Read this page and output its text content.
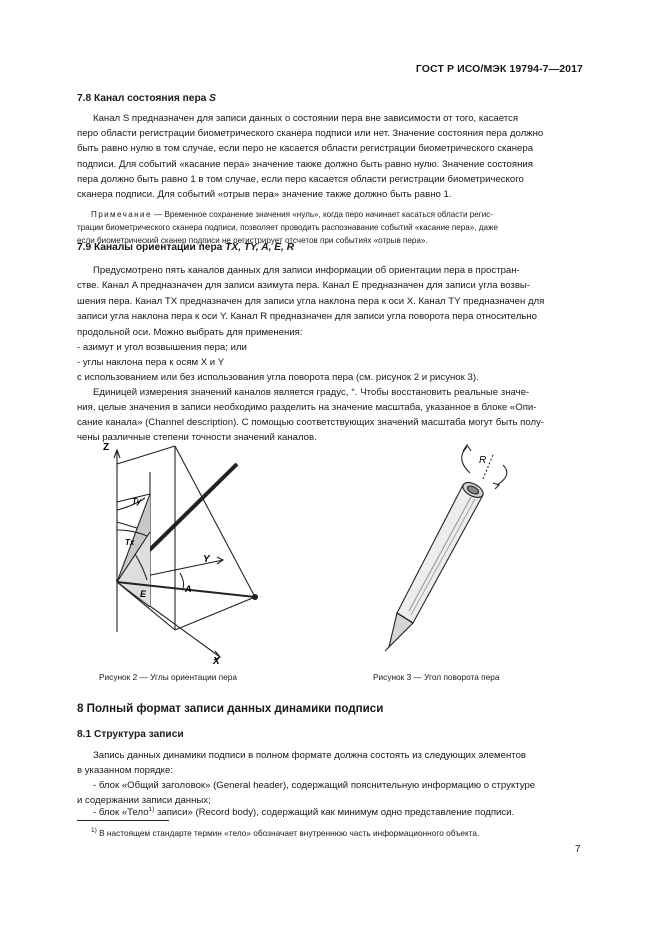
ГОСТ Р ИСО/МЭК 19794-7—2017
7.8 Канал состояния пера S
Канал S предназначен для записи данных о состоянии пера вне зависимости от того, касается
перо области регистрации биометрического сканера подписи или нет. Значение состояния пера должно
быть равно нулю в том случае, если перо не касается области регистрации биометрического сканера
подписи. Для событий «касание пера» значение также должно быть равно нулю. Значение состояния
пера должно быть равно 1 в том случае, если перо касается области регистрации биометрического
сканера подписи. Для событий «отрыв пера» значение также должно быть равно 1.
Примечание — Временное сохранение значения «нуль», когда перо начинает касаться области регис-
трации биометрического сканера подписи, позволяет проводить распознавание событий «касание пера», даже
если биометрический сканер подписи не регистрирует отсчетов при событиях «отрыв пера».
7.9 Каналы ориентации пера TX, TY, A, E, R
Предусмотрено пять каналов данных для записи информации об ориентации пера в простран-
стве. Канал A предназначен для записи азимута пера. Канал E предназначен для записи угла возвы-
шения пера. Канал TX предназначен для записи угла наклона пера к оси X. Канал TY предназначен для
записи угла наклона пера к оси Y. Канал R предназначен для записи угла поворота пера относительно
продольной оси. Можно выбрать для применения:
- азимут и угол возвышения пера; или
- углы наклона пера к осям X и Y
с использованием или без использования угла поворота пера (см. рисунок 2 и рисунок 3).
Единицей измерения значений каналов является градус, °. Чтобы восстановить реальные значе-
ния, целые значения в записи необходимо разделить на значение масштаба, указанное в блоке «Опи-
сание канала» (Channel description). С помощью соответствующих значений масштаба могут быть полу-
чены различные степени точности значений каналов.
Z
Y
X
Ty
Tx
E	A
R
Рисунок 2 — Углы ориентации пера	Рисунок 3 — Угол поворота пера
8 Полный формат записи данных динамики подписи
8.1 Структура записи
Запись данных динамики подписи в полном формате должна состоять из следующих элементов
в указанном порядке:
- блок «Общий заголовок» (General header), содержащий пояснительную информацию о структуре
и содержании записи данных;
- блок «Тело$^{1)}$ записи» (Record body), содержащий как минимум одно представление подписи.
$^{1)}$ В настоящем стандарте термин «тело» обозначает внутреннюю часть информационного объекта.
7
